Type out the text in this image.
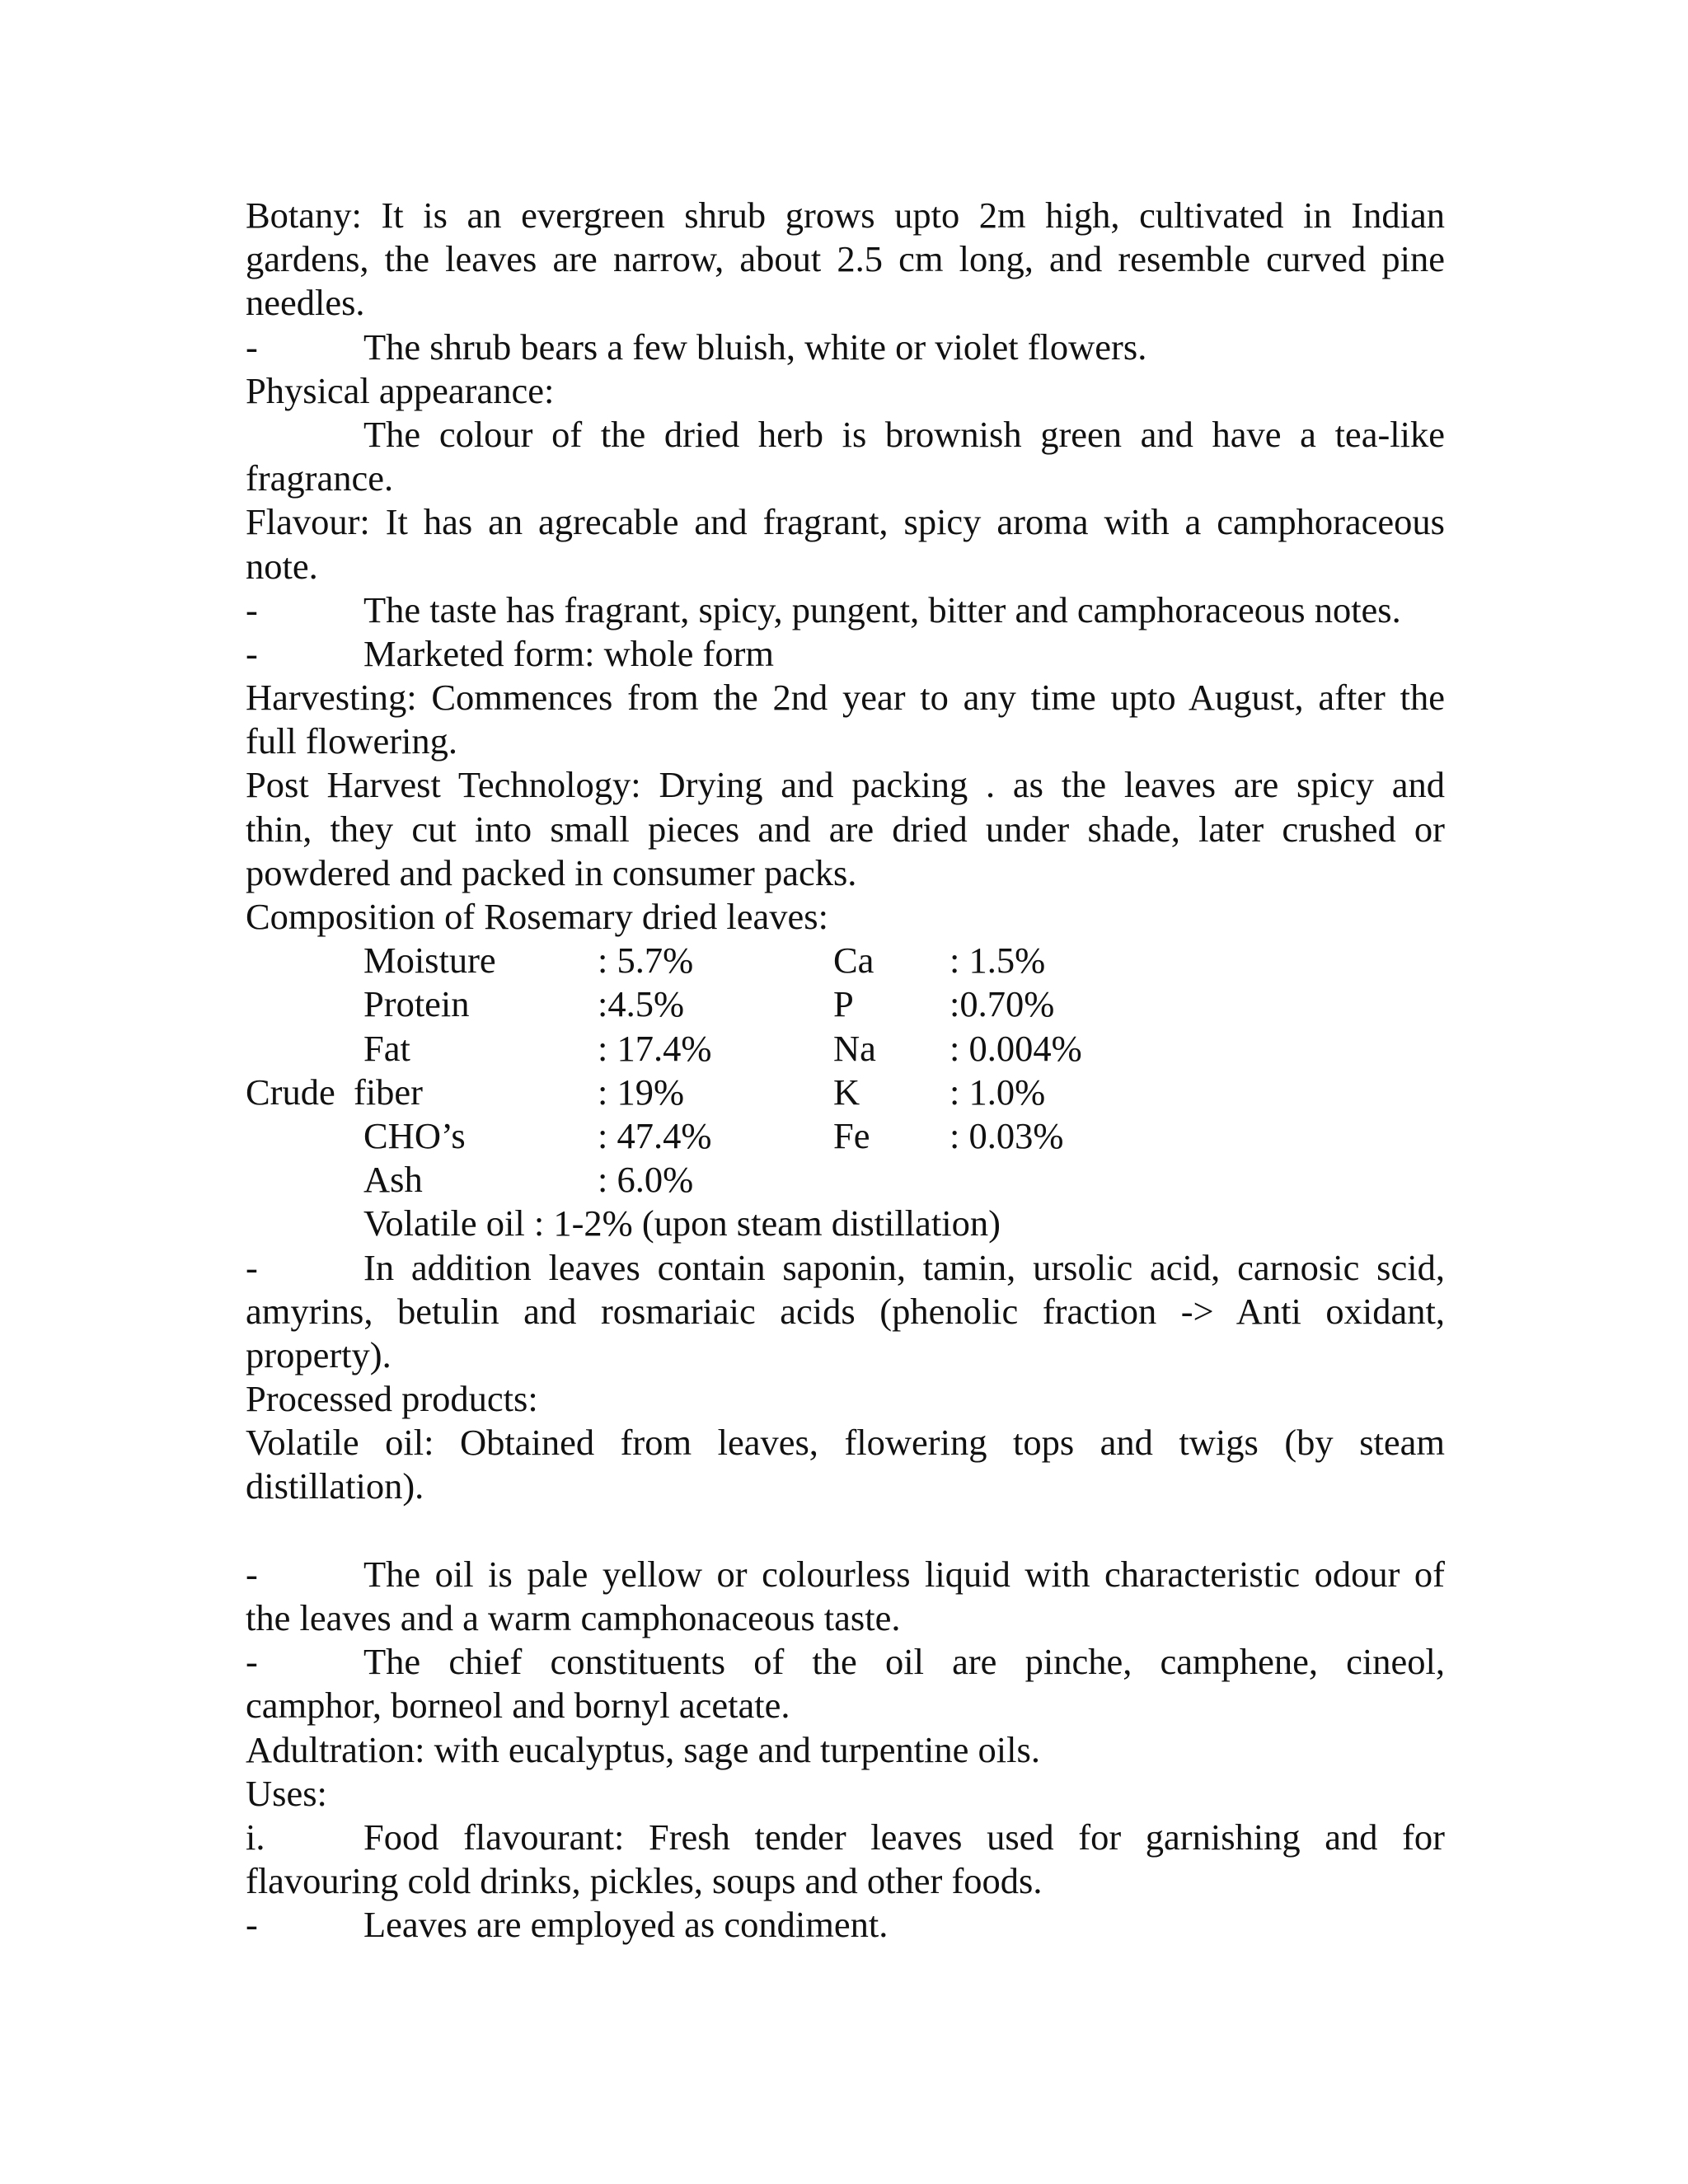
Botany: It is an evergreen shrub grows upto 2m high, cultivated in Indian
gardens, the leaves are narrow, about 2.5 cm long, and resemble curved pine
needles.
-	The shrub bears a few bluish, white or violet flowers.
Physical appearance:
The colour of the dried herb is brownish green and have a tea-like
fragrance.
Flavour: It has an agrecable and fragrant, spicy aroma with a camphoraceous
note.
-	The taste has fragrant, spicy, pungent, bitter and camphoraceous notes.
-	Marketed form: whole form
Harvesting: Commences from the 2nd year to any time upto August, after the
full flowering.
Post Harvest Technology: Drying and packing . as the leaves are spicy and
thin, they cut into small pieces and are dried under shade, later crushed or
powdered and packed in consumer packs.
Composition of Rosemary dried leaves:
Moisture	: 5.7%	Ca : 1.5%
Protein	:4.5%	P	:0.70%
Fat	: 17.4%	Na : 0.004%
Crude  fiber	: 19%	K : 1.0%
CHO’s	: 47.4%	Fe : 0.03%
Ash	: 6.0%
Volatile oil : 1-2% (upon steam distillation)
-	In addition leaves contain saponin, tamin, ursolic acid, carnosic scid,
amyrins, betulin and rosmariaic acids (phenolic fraction -> Anti oxidant,
property).
Processed products:
Volatile oil: Obtained from leaves, flowering tops and twigs (by steam
distillation).
-	The oil is pale yellow or colourless liquid with characteristic odour of
the leaves and a warm camphonaceous taste.
-	The chief constituents of the oil are pinche, camphene, cineol,
camphor, borneol and bornyl acetate.
Adultration: with eucalyptus, sage and turpentine oils.
Uses:
i.	Food flavourant: Fresh tender leaves used for garnishing and for
flavouring cold drinks, pickles, soups and other foods.
-	Leaves are employed as condiment.
